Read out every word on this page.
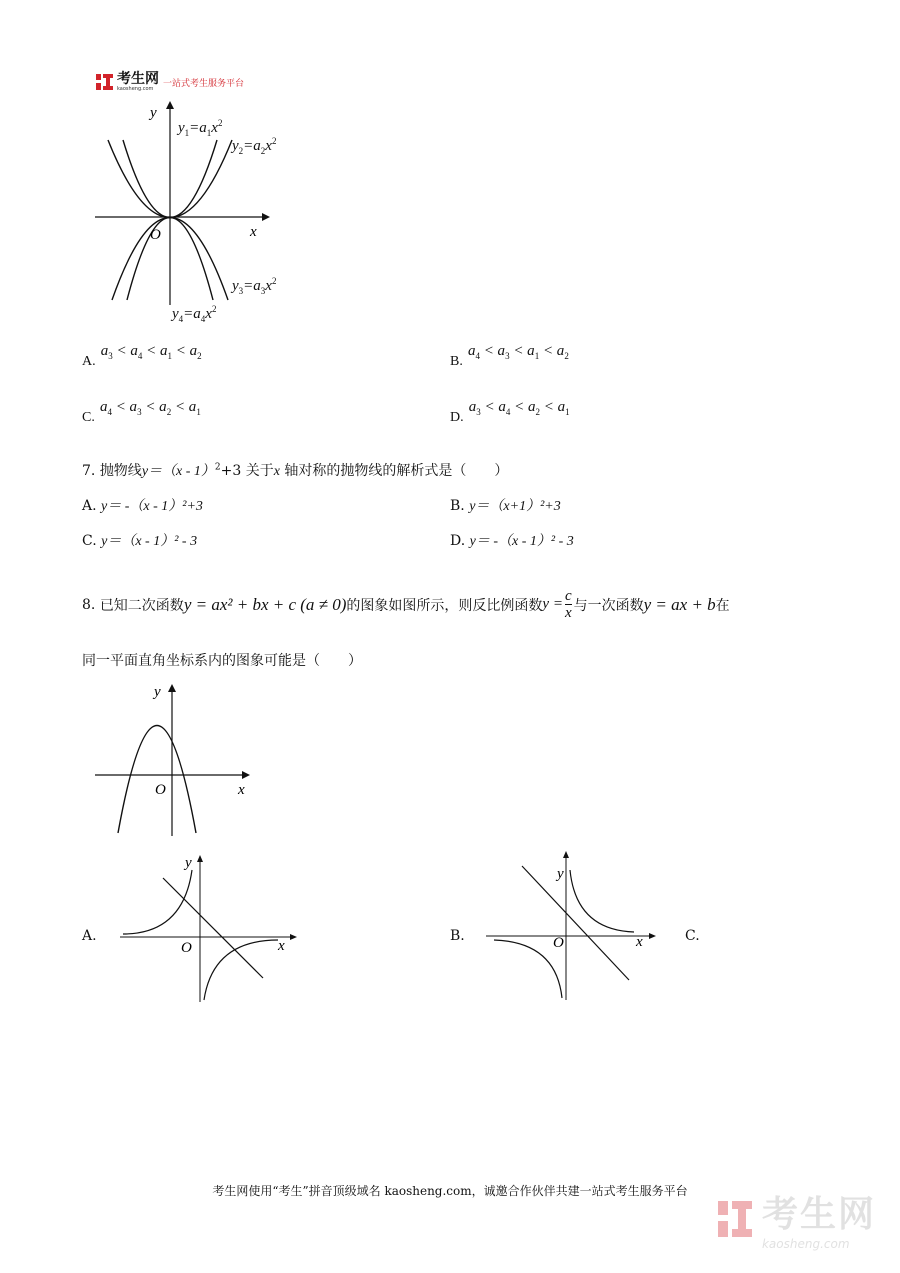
考生网
kaosheng.com
一站式考生服务平台
y
x
O
$y_1=a_1x^2$
$y_2=a_2x^2$
$y_3=a_3x^2$
$y_4=a_4x^2$
A. $a_3 < a_4 < a_1 < a_2$	B. $a_4 < a_3 < a_1 < a_2$
C. $a_4 < a_3 < a_2 < a_1$	D. $a_3 < a_4 < a_2 < a_1$
7. 抛物线y＝（x - 1）$^2$+3 关于x 轴对称的抛物线的解析式是（　　）
A. y＝ -（x - 1）²+3	B. y＝（x+1）²+3
C. y＝（x - 1）² - 3	D. y＝ -（x - 1）² - 3
8.
已知二次函数 y = ax² + bx + c (a ≠ 0) 的图象如图所示，则反比例函数 $y = \frac{c}{x}$ 与一次函数 y = ax + b 在
同一平面直角坐标系内的图象可能是（　　）
y
x
O
A.
y
x
O
B.
y
x
O	C.
考生网使用“考生”拼音顶级域名 kaosheng.com，诚邀合作伙伴共建一站式考生服务平台
考生网
kaosheng.com
